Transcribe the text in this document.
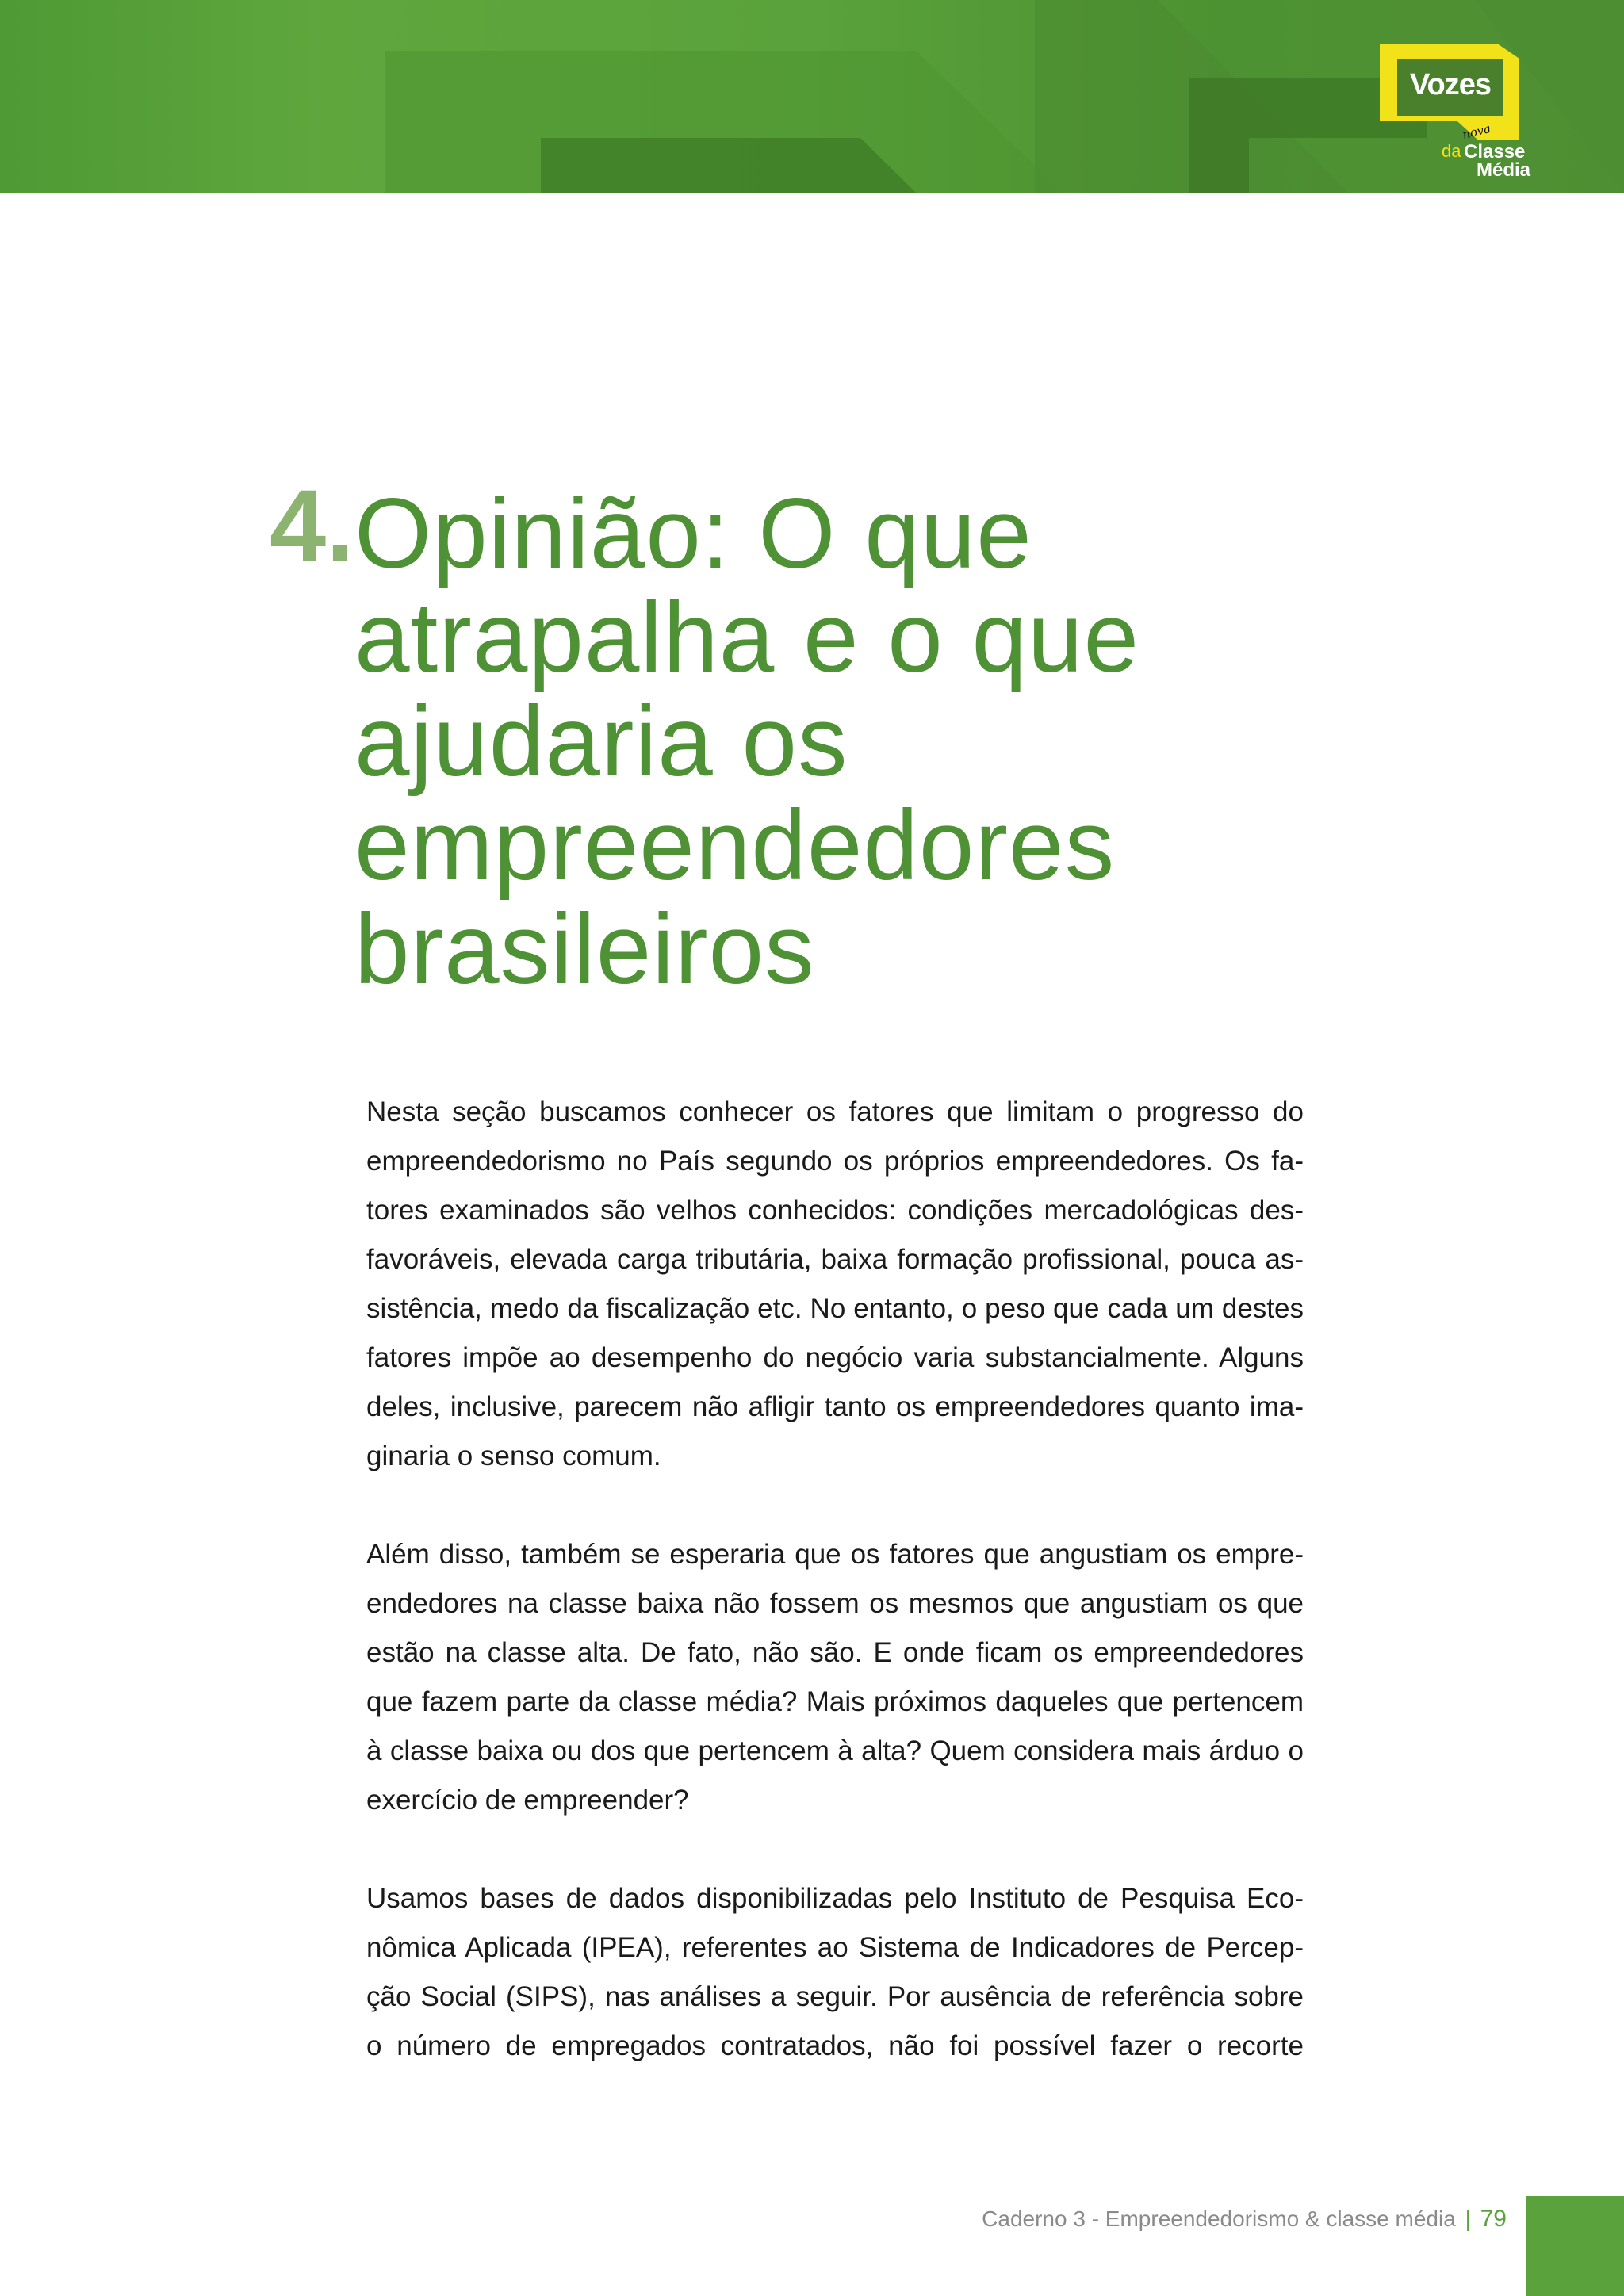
Vozes
nova
da Classe
Média
4. Opinião: O que
atrapalha e o que
ajudaria os
empreendedores
brasileiros
Nesta seção buscamos conhecer os fatores que limitam o progresso do
empreendedorismo no País segundo os próprios empreendedores. Os fa-
tores examinados são velhos conhecidos: condições mercadológicas des-
favoráveis, elevada carga tributária, baixa formação profissional, pouca as-
sistência, medo da fiscalização etc. No entanto, o peso que cada um destes
fatores impõe ao desempenho do negócio varia substancialmente. Alguns
deles, inclusive, parecem não afligir tanto os empreendedores quanto ima-
ginaria o senso comum.
Além disso, também se esperaria que os fatores que angustiam os empre-
endedores na classe baixa não fossem os mesmos que angustiam os que
estão na classe alta. De fato, não são. E onde ficam os empreendedores
que fazem parte da classe média? Mais próximos daqueles que pertencem
à classe baixa ou dos que pertencem à alta? Quem considera mais árduo o
exercício de empreender?
Usamos bases de dados disponibilizadas pelo Instituto de Pesquisa Eco-
nômica Aplicada (IPEA), referentes ao Sistema de Indicadores de Percep-
ção Social (SIPS), nas análises a seguir. Por ausência de referência sobre
o número de empregados contratados, não foi possível fazer o recorte
Caderno 3 - Empreendedorismo & classe média | 79
